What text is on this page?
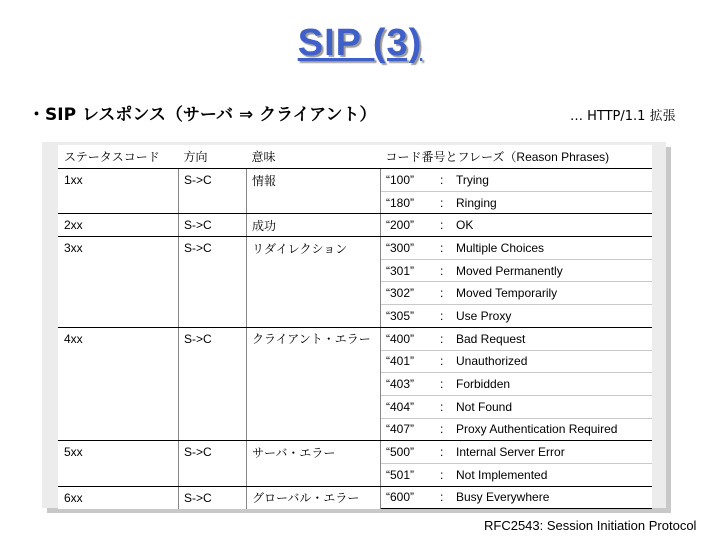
SIP (3)
・SIP レスポンス（サーバ ⇒ クライアント）	… HTTP/1.1 拡張
ステータスコード	方向	意味	コード番号とフレーズ（Reason Phrases)		
1xx	S->C	情報	“100”	:	Trying
			“180”	:	Ringing
2xx	S->C	成功	“200”	:	OK
3xx	S->C	リダイレクション	“300”	:	Multiple Choices
			“301”	:	Moved Permanently
			“302”	:	Moved Temporarily
			“305”	:	Use Proxy
4xx	S->C	クライアント・エラー	“400”	:	Bad Request
			“401”	:	Unauthorized
			“403”	:	Forbidden
			“404”	:	Not Found
			“407”	:	Proxy Authentication Required
5xx	S->C	サーバ・エラー	“500”	:	Internal Server Error
			“501”	:	Not Implemented
6xx	S->C	グローバル・エラー	“600”	:	Busy Everywhere
RFC2543: Session Initiation Protocol
